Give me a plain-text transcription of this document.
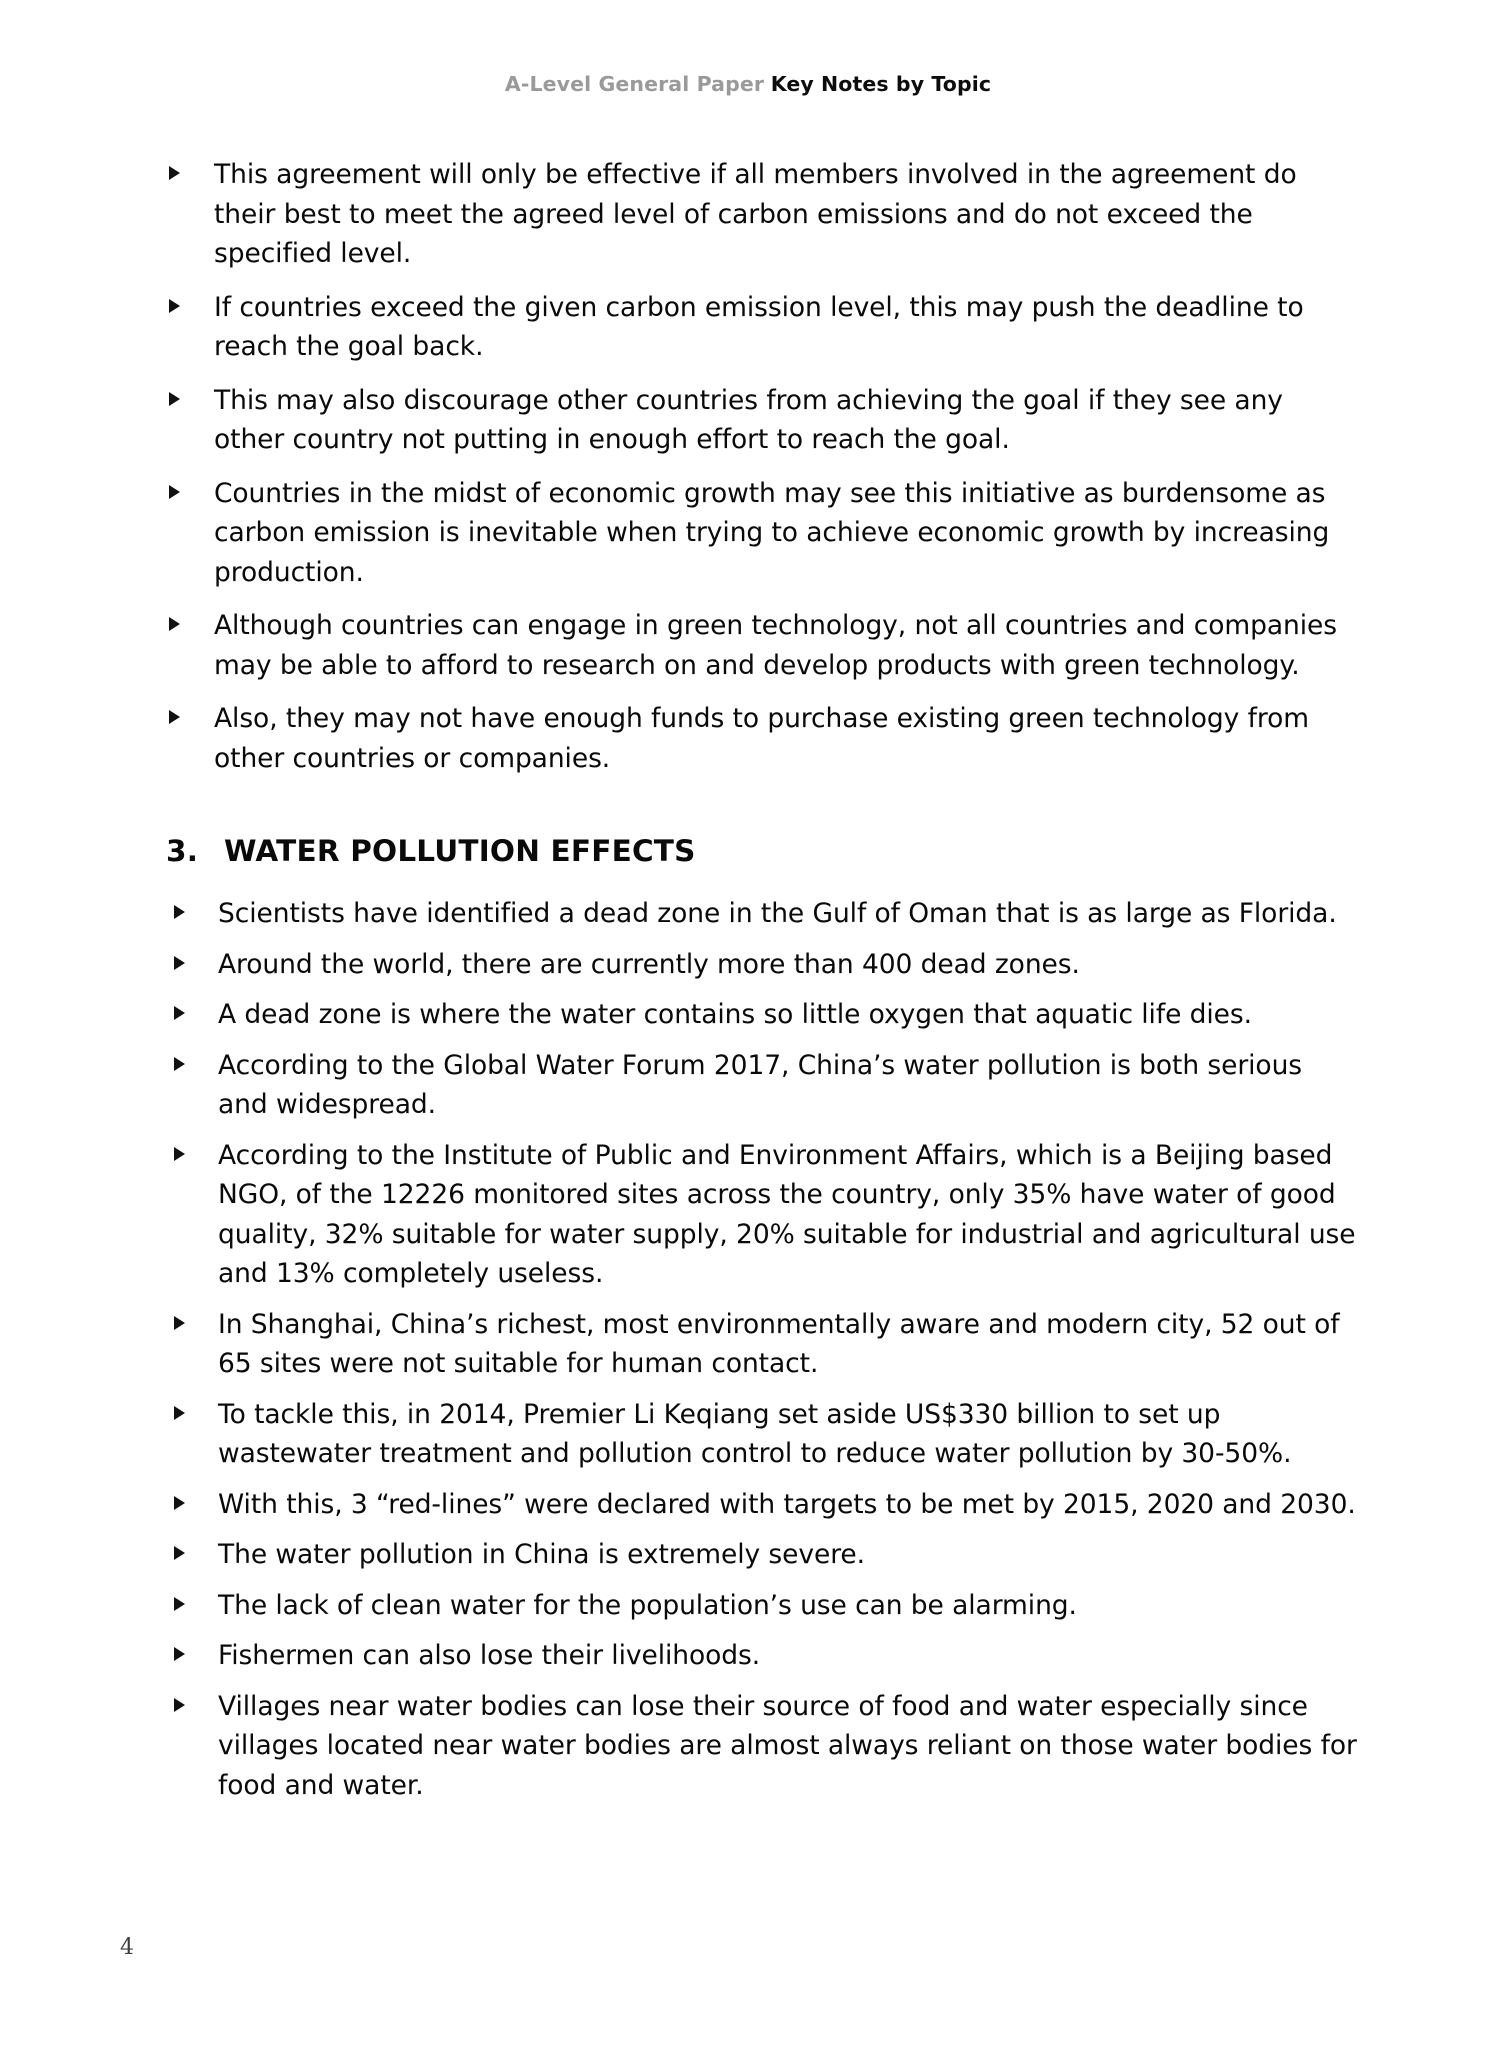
A-Level General Paper Key Notes by Topic
This agreement will only be effective if all members involved in the agreement do their best to meet the agreed level of carbon emissions and do not exceed the specified level.
If countries exceed the given carbon emission level, this may push the deadline to reach the goal back.
This may also discourage other countries from achieving the goal if they see any other country not putting in enough effort to reach the goal.
Countries in the midst of economic growth may see this initiative as burdensome as carbon emission is inevitable when trying to achieve economic growth by increasing production.
Although countries can engage in green technology, not all countries and companies may be able to afford to research on and develop products with green technology.
Also, they may not have enough funds to purchase existing green technology from other countries or companies.
3. WATER POLLUTION EFFECTS
Scientists have identified a dead zone in the Gulf of Oman that is as large as Florida.
Around the world, there are currently more than 400 dead zones.
A dead zone is where the water contains so little oxygen that aquatic life dies.
According to the Global Water Forum 2017, China’s water pollution is both serious and widespread.
According to the Institute of Public and Environment Affairs, which is a Beijing based NGO, of the 12226 monitored sites across the country, only 35% have water of good quality, 32% suitable for water supply, 20% suitable for industrial and agricultural use and 13% completely useless.
In Shanghai, China’s richest, most environmentally aware and modern city, 52 out of 65 sites were not suitable for human contact.
To tackle this, in 2014, Premier Li Keqiang set aside US$330 billion to set up wastewater treatment and pollution control to reduce water pollution by 30-50%.
With this, 3 “red-lines” were declared with targets to be met by 2015, 2020 and 2030.
The water pollution in China is extremely severe.
The lack of clean water for the population’s use can be alarming.
Fishermen can also lose their livelihoods.
Villages near water bodies can lose their source of food and water especially since villages located near water bodies are almost always reliant on those water bodies for food and water.
4
